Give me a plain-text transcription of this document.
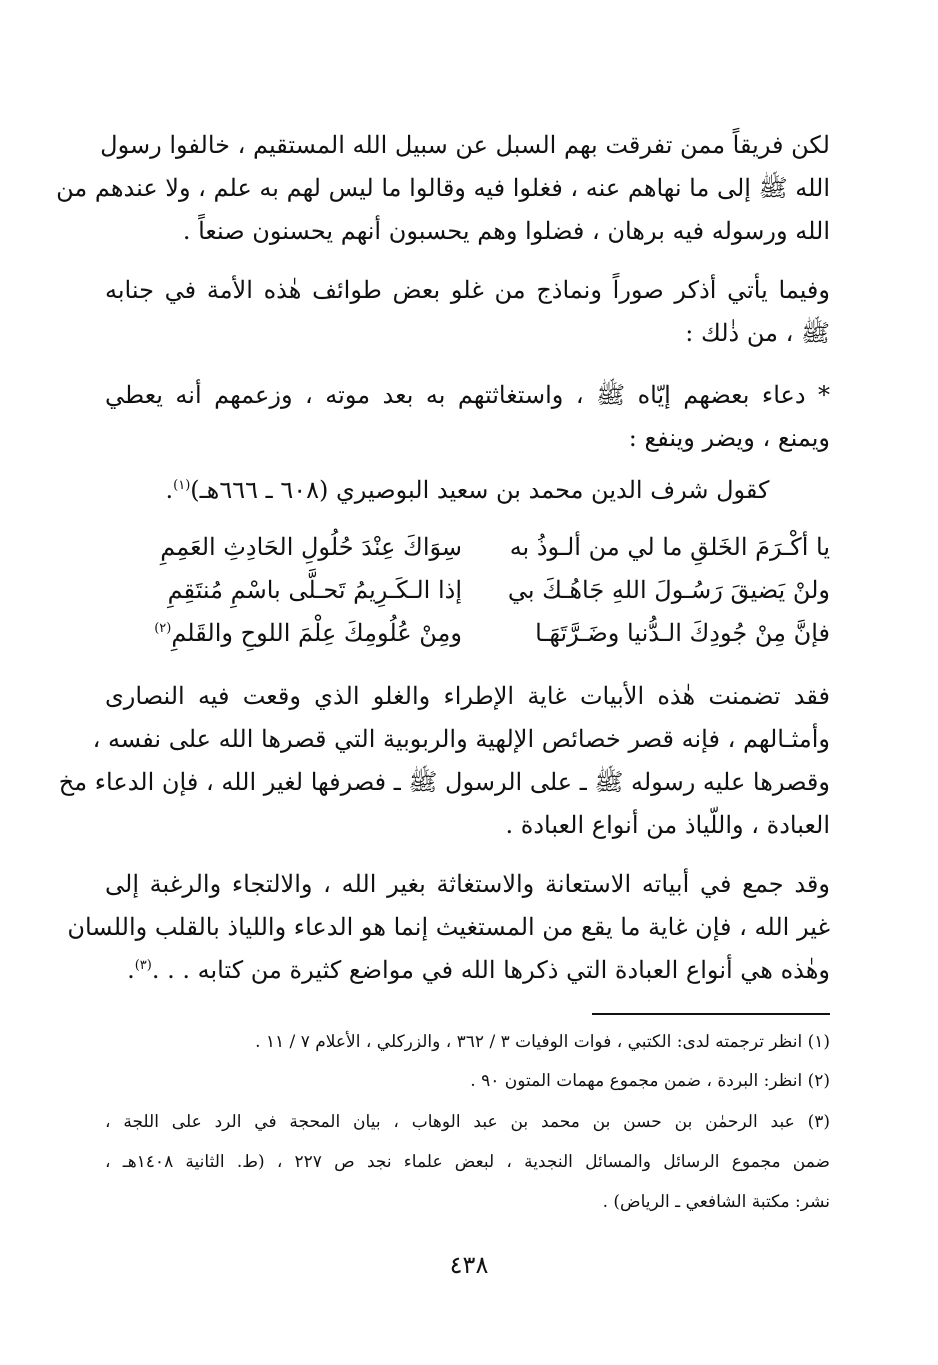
لكن فريقاً ممن تفرقت بهم السبل عن سبيل الله المستقيم ، خالفوا رسول
الله ﷺ إلى ما نهاهم عنه ، فغلوا فيه وقالوا ما ليس لهم به علم ، ولا عندهم من
الله ورسوله فيه برهان ، فضلوا وهم يحسبون أنهم يحسنون صنعاً .
وفيما يأتي أذكر صوراً ونماذج من غلو بعض طوائف هٰذه الأمة في جنابه
ﷺ ، من ذٰلك :
* دعاء بعضهم إيّاه ﷺ ، واستغاثتهم به بعد موته ، وزعمهم أنه يعطي
ويمنع ، ويضر وينفع :
كقول شرف الدين محمد بن سعيد البوصيري (٦٠٨ ـ ٦٦٦هـ)$^{(١)}$.
يا أكْـرَمَ الخَلقِ ما لي من ألـوذُ به
سِوَاكَ عِنْدَ حُلُولِ الحَادِثِ العَمِمِ
ولنْ يَضيقَ رَسُـولَ اللهِ جَاهُـكَ بي
إذا الـكَـرِيمُ تَحـلَّى باسْمِ مُنتَقِمِ
فإنَّ مِنْ جُودِكَ الـدُّنيا وضَـرَّتَهَـا
ومِنْ عُلُومِكَ عِلْمَ اللوحِ والقَلمِ$^{(٢)}$
فقد تضمنت هٰذه الأبيات غاية الإطراء والغلو الذي وقعت فيه النصارى
وأمثـالهم ، فإنه قصر خصائص الإلهية والربوبية التي قصرها الله على نفسه ،
وقصرها عليه رسوله ﷺ ـ على الرسول ﷺ ـ فصرفها لغير الله ، فإن الدعاء مخ
العبادة ، واللّياذ من أنواع العبادة .
وقد جمع في أبياته الاستعانة والاستغاثة بغير الله ، والالتجاء والرغبة إلى
غير الله ، فإن غاية ما يقع من المستغيث إنما هو الدعاء واللياذ بالقلب واللسان
وهٰذه هي أنواع العبادة التي ذكرها الله في مواضع كثيرة من كتابه . . .$^{(٣)}$.
(١) انظر ترجمته لدى: الكتبي ، فوات الوفيات ٣ / ٣٦٢ ، والزركلي ، الأعلام ٧ / ١١ .
(٢) انظر: البردة ، ضمن مجموع مهمات المتون ٩٠ .
(٣) عبد الرحمٰن بن حسن بن محمد بن عبد الوهاب ، بيان المحجة في الرد على اللجة ،
ضمن مجموع الرسائل والمسائل النجدية ، لبعض علماء نجد ص ٢٢٧ ، (ط. الثانية ١٤٠٨هـ ،
نشر: مكتبة الشافعي ـ الرياض) .
٤٣٨
